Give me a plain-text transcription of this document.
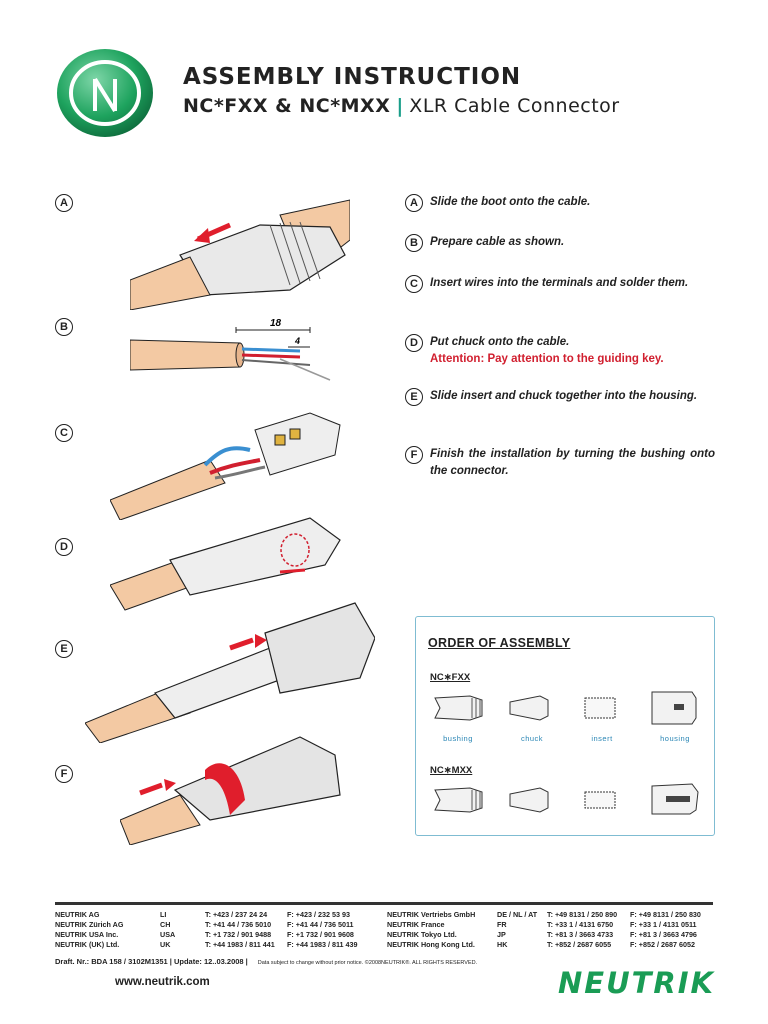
ASSEMBLY INSTRUCTION
NC*FXX & NC*MXX | XLR Cable Connector
A
B
C
D
E
F
18
4
A	Slide the boot onto the cable.
B	Prepare cable as shown.
C	Insert wires into the terminals and solder them.
D	Put chuck onto the cable.
Attention: Pay attention to the guiding key.
E	Slide insert and chuck together into the housing.
F	Finish the installation by turning the bushing onto the connector.
ORDER OF ASSEMBLY
NC∗FXX
bushing	chuck	insert	housing
NC∗MXX
NEUTRIK AG	LI	T: +423 / 237 24 24	F: +423 / 232 53 93
NEUTRIK Zürich AG	CH	T: +41 44 / 736 5010 F: +41 44 / 736 5011
NEUTRIK USA Inc.	USA	T: +1 732 / 901 9488 F: +1 732 / 901 9608
NEUTRIK (UK) Ltd.	UK	T: +44 1983 / 811 441 F: +44 1983 / 811 439
NEUTRIK Vertriebs GmbH	DE / NL / AT T: +49 8131 / 250 890 F: +49 8131 / 250 830
NEUTRIK France	FR	T: +33 1 / 4131 6750 F: +33 1 / 4131 0511
NEUTRIK Tokyo Ltd.	JP	T: +81 3 / 3663 4733 F: +81 3 / 3663 4796
NEUTRIK Hong Kong Ltd.	HK	T: +852 / 2687 6055	F: +852 / 2687 6052
Draft. Nr.: BDA 158 / 3102M1351 | Update: 12..03.2008 | Data subject to change without prior notice. ©2008NEUTRIK®. ALL RIGHTS RESERVED.
www.neutrik.com	NEUTRIK
